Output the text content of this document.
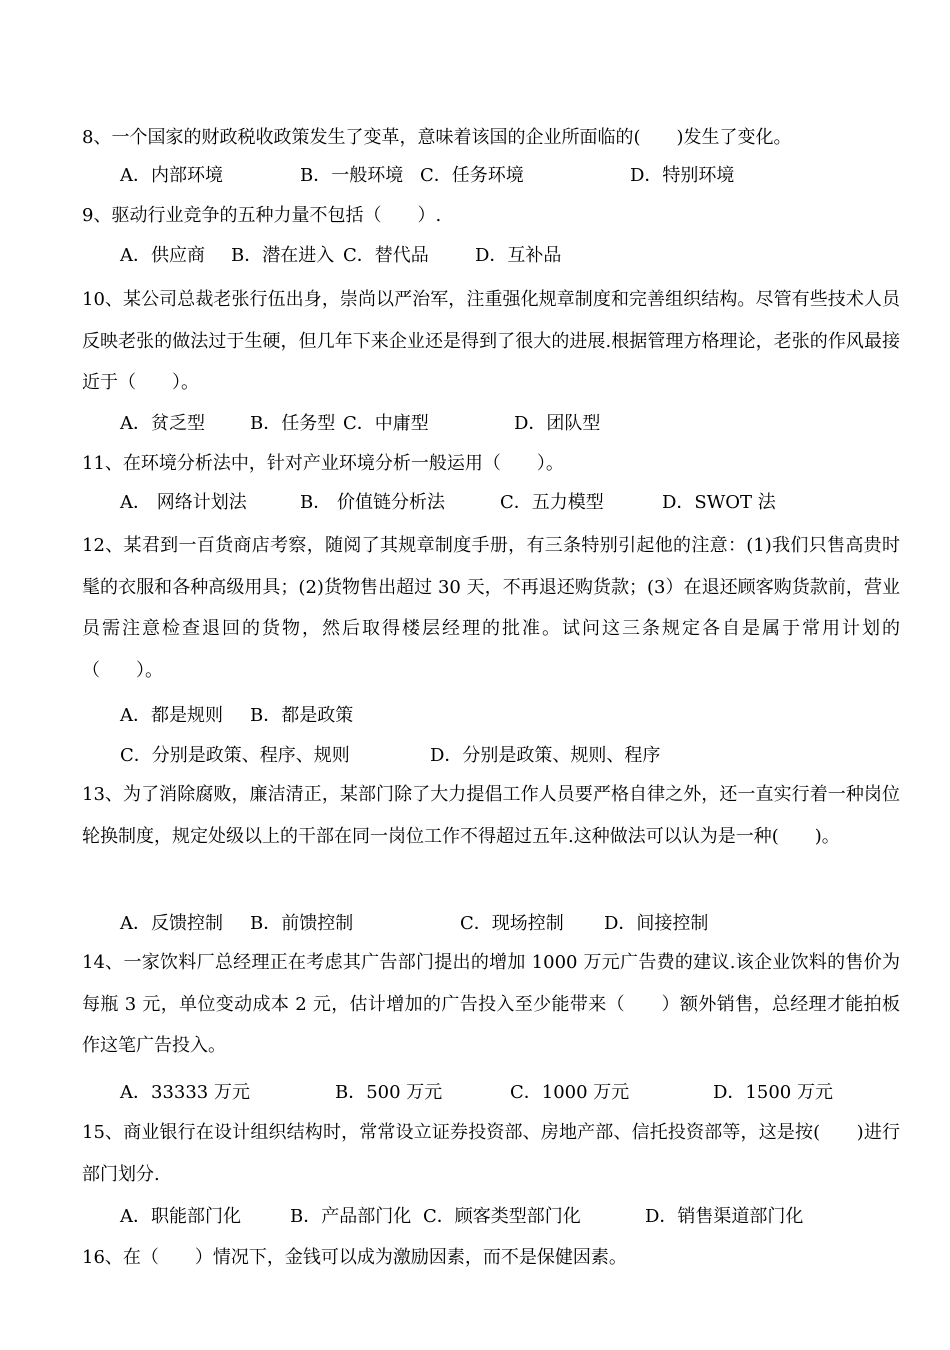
8、一个国家的财政税收政策发生了变革，意味着该国的企业所面临的(　　)发生了变化。
A．内部环境	B．一般环境 C．任务环境	D．特别环境
9、驱动行业竞争的五种力量不包括（　　）.
A．供应商 B．潜在进入 C．替代品	D．互补品
10、某公司总裁老张行伍出身，崇尚以严治军，注重强化规章制度和完善组织结构。尽管有些技术人员反映老张的做法过于生硬，但几年下来企业还是得到了很大的进展.根据管理方格理论，老张的作风最接近于（　　）。
A．贫乏型	B．任务型 C．中庸型	D．团队型
11、在环境分析法中，针对产业环境分析一般运用（　　）。
A． 网络计划法	B． 价值链分析法	C．五力模型	D．SWOT 法
12、某君到一百货商店考察，随阅了其规章制度手册，有三条特别引起他的注意：(1)我们只售高贵时髦的衣服和各种高级用具；(2)货物售出超过 30 天，不再退还购货款；(3）在退还顾客购货款前，营业员需注意检查退回的货物，然后取得楼层经理的批准。试问这三条规定各自是属于常用计划的（　　）。
A．都是规则 B．都是政策
C．分别是政策、程序、规则	D．分别是政策、规则、程序
13、为了消除腐败，廉洁清正，某部门除了大力提倡工作人员要严格自律之外，还一直实行着一种岗位轮换制度，规定处级以上的干部在同一岗位工作不得超过五年.这种做法可以认为是一种(　　)。
A．反馈控制 B．前馈控制	C．现场控制 D．间接控制
14、一家饮料厂总经理正在考虑其广告部门提出的增加 1000 万元广告费的建议.该企业饮料的售价为每瓶 3 元，单位变动成本 2 元，估计增加的广告投入至少能带来（　　）额外销售，总经理才能拍板作这笔广告投入。
A．33333 万元	B．500 万元	C．1000 万元	D．1500 万元
15、商业银行在设计组织结构时，常常设立证券投资部、房地产部、信托投资部等，这是按(　　)进行部门划分.
A．职能部门化	B．产品部门化 C．顾客类型部门化	D．销售渠道部门化
16、在（　　）情况下，金钱可以成为激励因素，而不是保健因素。
